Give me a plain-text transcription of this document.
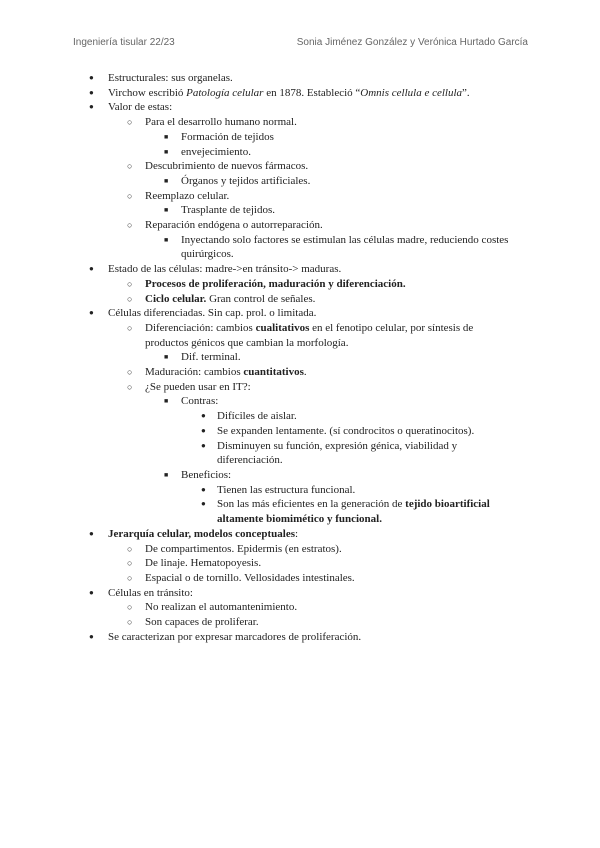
Ingeniería tisular 22/23	Sonia Jiménez González y Verónica Hurtado García
● Estructurales: sus organelas.
● Virchow escribió Patología celular en 1878. Estableció “Omnis cellula e cellula”.
● Valor de estas:
○ Para el desarrollo humano normal.
■ Formación de tejidos
■ envejecimiento.
○ Descubrimiento de nuevos fármacos.
■ Órganos y tejidos artificiales.
○ Reemplazo celular.
■ Trasplante de tejidos.
○ Reparación endógena o autorreparación.
■ Inyectando solo factores se estimulan las células madre, reduciendo costes quirúrgicos.
● Estado de las células: madre->en tránsito-> maduras.
○ Procesos de proliferación, maduración y diferenciación.
○ Ciclo celular. Gran control de señales.
● Células diferenciadas. Sin cap. prol. o limitada.
○ Diferenciación: cambios cualitativos en el fenotipo celular, por síntesis de productos génicos que cambian la morfología.
■ Dif. terminal.
○ Maduración: cambios cuantitativos.
○ ¿Se pueden usar en IT?:
■ Contras:
● Difíciles de aislar.
● Se expanden lentamente. (sí condrocitos o queratinocitos).
● Disminuyen su función, expresión génica, viabilidad y diferenciación.
■ Beneficios:
● Tienen las estructura funcional.
● Son las más eficientes en la generación de tejido bioartificial altamente biomimético y funcional.
● Jerarquía celular, modelos conceptuales:
○ De compartimentos. Epidermis (en estratos).
○ De linaje. Hematopoyesis.
○ Espacial o de tornillo. Vellosidades intestinales.
● Células en tránsito:
○ No realizan el automantenimiento.
○ Son capaces de proliferar.
● Se caracterizan por expresar marcadores de proliferación.
